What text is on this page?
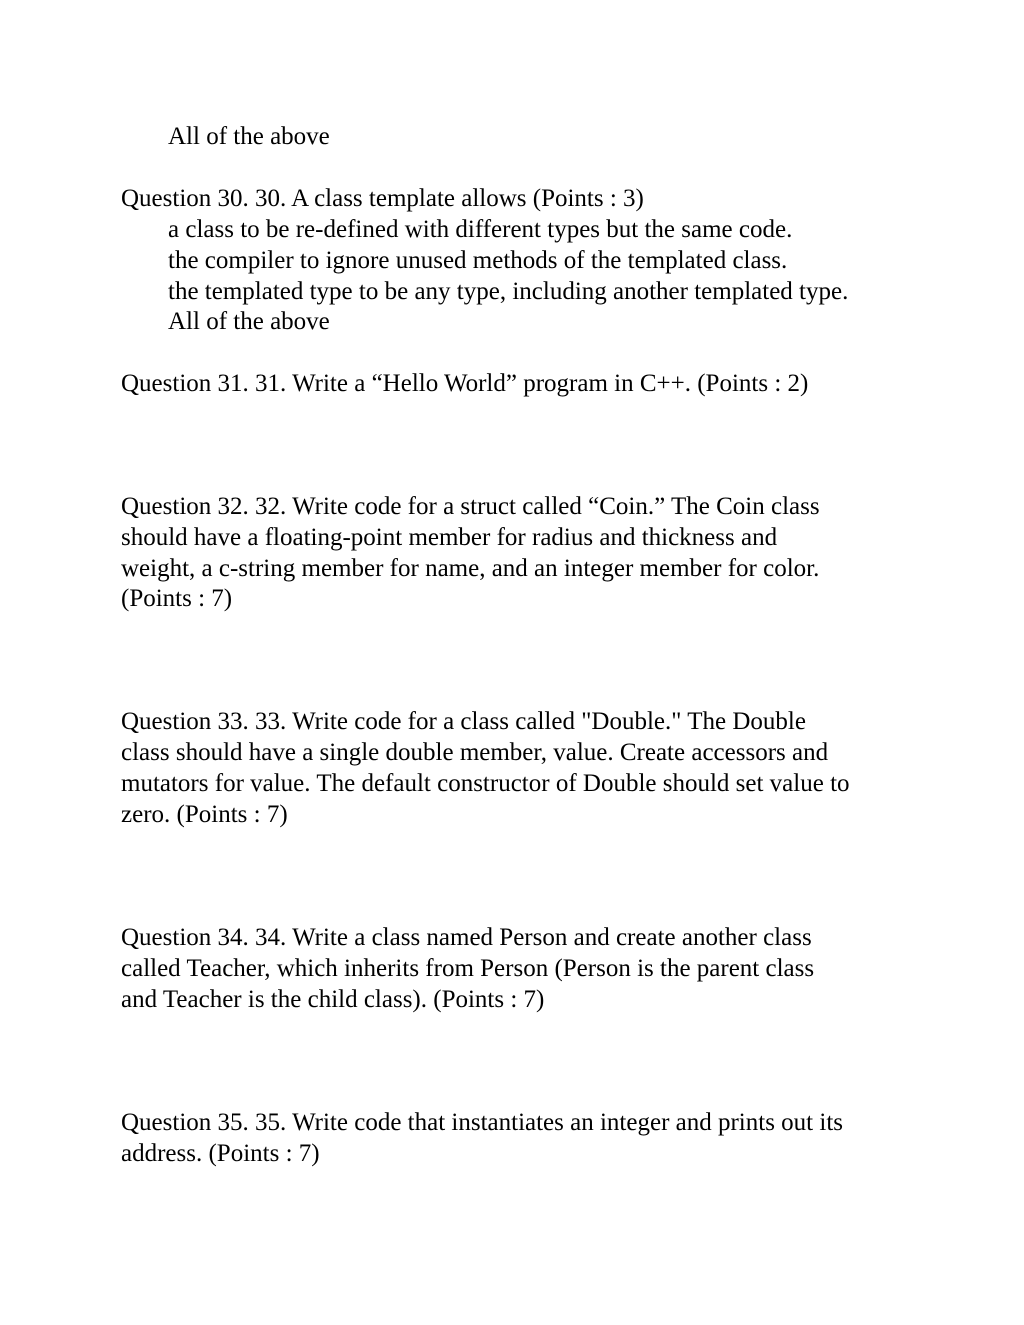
All of the above

Question 30. 30. A class template allows (Points : 3)

a class to be re-defined with different types but the same code.

the compiler to ignore unused methods of the templated class.

the templated type to be any type, including another templated type.

All of the above

Question 31. 31. Write a “Hello World” program in C++. (Points : 2)

Question 32. 32. Write code for a struct called “Coin.” The Coin class

should have a floating-point member for radius and thickness and

weight, a c-string member for name, and an integer member for color.

(Points : 7)

Question 33. 33. Write code for a class called "Double." The Double

class should have a single double member, value. Create accessors and

mutators for value. The default constructor of Double should set value to

zero. (Points : 7)

Question 34. 34. Write a class named Person and create another class

called Teacher, which inherits from Person (Person is the parent class

and Teacher is the child class). (Points : 7)

Question 35. 35. Write code that instantiates an integer and prints out its

address. (Points : 7)
